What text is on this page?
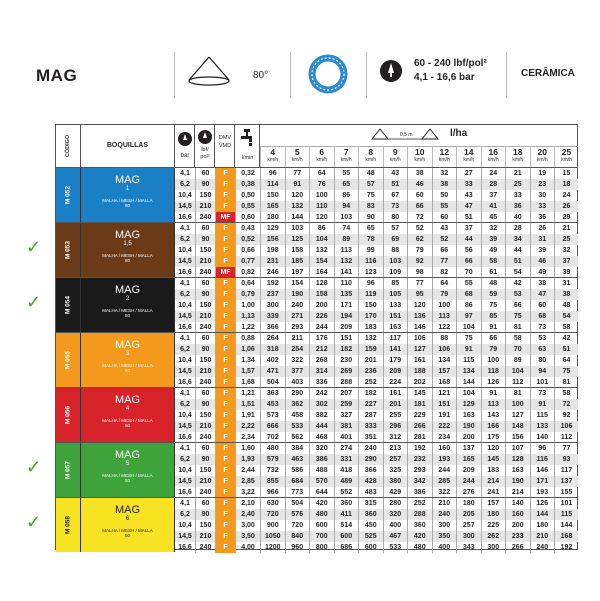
MAG	80°
60 - 240 lbf/pol²
4,1 - 16,6 bar	CERÂMICA
CÓDIGO	BOQUILLAS
bar
lbf/
pol²
DMV
VMD
l/min
0,5 m	l/ha
4
km/h
5
km/h
6
km/h
7
km/h
8
km/h
9
km/h
10
km/h
12
km/h
14
km/h
16
km/h
18
km/h
20
km/h
25
km/h
M 052
MAG
1
MALHA / MESH / MALLA
80
4,1	60	F	0,32	96	77	64	55	48	43	38	32	27	24	21	19	15
6,2	90	F	0,38	114	91	76	65	57	51	46	38	33	28	25	23	18
10,4	150	F	0,50	150	120	100	86	75	67	60	50	43	37	33	30	24
14,5	210	F	0,55	165	132	110	94	83	73	66	55	47	41	36	33	26
16,6	240	MF	0,60	180	144	120	103	90	80	72	60	51	45	40	36	29
M 053
MAG
1,5
MALHA / MESH / MALLA
80
4,1	60	F	0,43	129	103	86	74	65	57	52	43	37	32	28	26	21
6,2	90	F	0,52	156	125	104	89	78	69	62	52	44	39	34	31	25
10,4	150	F	0,66	198	158	132	113	99	88	79	66	56	49	44	39	32
14,5	210	F	0,77	231	185	154	132	116	103	92	77	66	58	51	46	37
16,6	240	MF	0,82	246	197	164	141	123	109	98	82	70	61	54	49	39
M 054
MAG
2
MALHA / MESH / MALLA
50
4,1	60	F	0,64	192	154	128	110	96	85	77	64	55	48	42	38	31
6,2	90	F	0,79	237	190	158	135	119	105	95	79	68	59	53	47	38
10,4	150	F	1,00	300	240	200	171	150	133	120	100	86	75	66	60	48
14,5	210	F	1,13	339	271	226	194	170	151	136	113	97	85	75	68	54
16,6	240	F	1,22	366	293	244	209	183	163	146	122	104	91	81	73	58
M 055
MAG
3
MALHA / MESH / MALLA
50
4,1	60	F	0,88	264	211	176	151	132	117	106	88	75	66	58	53	42
6,2	90	F	1,06	318	254	212	182	159	141	127	106	91	79	70	63	51
10,4	150	F	1,34	402	322	268	230	201	179	161	134	115	100	89	80	64
14,5	210	F	1,57	471	377	314	269	236	209	188	157	134	118	104	94	75
16,6	240	F	1,68	504	403	336	288	252	224	202	168	144	126	112	101	81
M 056
MAG
4
MALHA / MESH / MALLA
50
4,1	60	F	1,21	363	290	242	207	182	161	145	121	104	91	81	73	58
6,2	90	F	1,51	453	362	302	259	227	201	181	151	129	113	100	91	72
10,4	150	F	1,91	573	458	382	327	287	255	229	191	163	143	127	115	92
14,5	210	F	2,22	666	533	444	381	333	296	266	222	190	166	148	133	106
16,6	240	F	2,34	702	562	468	401	351	312	281	234	200	175	156	140	112
M 057
MAG
5
MALHA / MESH / MALLA
50
4,1	60	F	1,60	480	384	320	274	240	213	192	160	137	120	107	96	77
6,2	90	F	1,93	579	463	386	331	290	257	232	193	165	145	128	116	93
10,4	150	F	2,44	732	586	488	418	366	325	293	244	209	183	163	146	117
14,5	210	F	2,85	855	684	570	489	428	380	342	285	244	214	190	171	137
16,6	240	F	3,22	966	773	644	552	483	429	386	322	276	241	214	193	155
M 058
MAG
6
MALHA / MESH / MALLA
50
4,1	60	F	2,10	630	504	420	360	315	280	252	210	180	157	140	126	101
6,2	90	F	2,40	720	576	480	411	360	320	288	240	205	180	160	144	115
10,4	150	F	3,00	900	720	600	514	450	400	360	300	257	225	200	180	144
14,5	210	F	3,50	1050	840	700	600	525	467	420	350	300	262	233	210	168
16,6	240	F	4,00	1200	960	800	686	600	533	480	400	343	300	266	240	192
✓
✓
✓
✓
